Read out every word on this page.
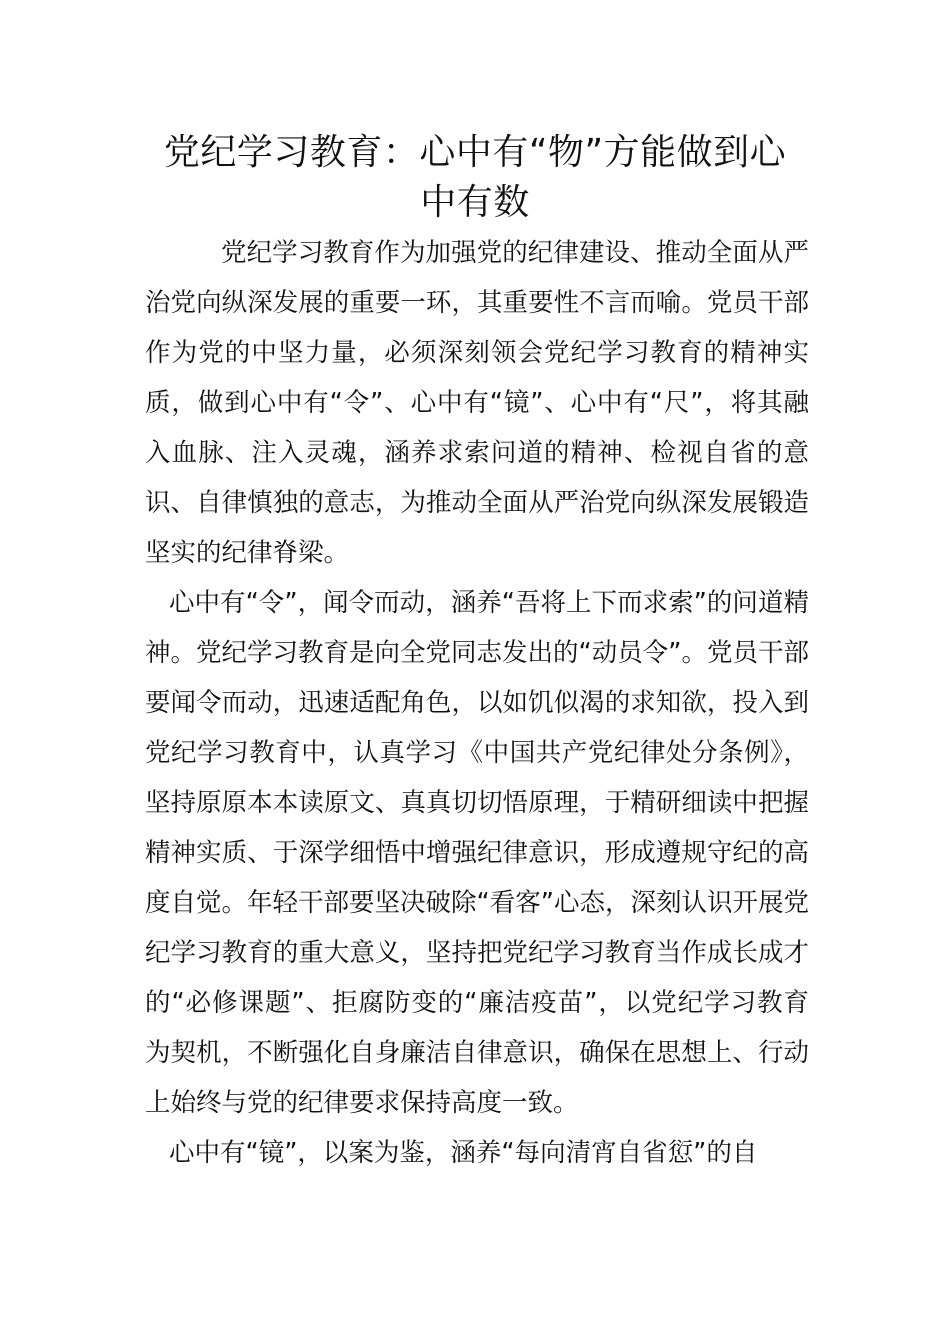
党纪学习教育：心中有“物”方能做到心中有数

党纪学习教育作为加强党的纪律建设、推动全面从严治党向纵深发展的重要一环，其重要性不言而喻。党员干部作为党的中坚力量，必须深刻领会党纪学习教育的精神实质，做到心中有“令”、心中有“镜”、心中有“尺”，将其融入血脉、注入灵魂，涵养求索问道的精神、检视自省的意识、自律慎独的意志，为推动全面从严治党向纵深发展锻造坚实的纪律脊梁。

心中有“令”，闻令而动，涵养“吾将上下而求索”的问道精神。党纪学习教育是向全党同志发出的“动员令”。党员干部要闻令而动，迅速适配角色，以如饥似渴的求知欲，投入到党纪学习教育中，认真学习《中国共产党纪律处分条例》，坚持原原本本读原文、真真切切悟原理，于精研细读中把握精神实质、于深学细悟中增强纪律意识，形成遵规守纪的高度自觉。年轻干部要坚决破除“看客”心态，深刻认识开展党纪学习教育的重大意义，坚持把党纪学习教育当作成长成才的“必修课题”、拒腐防变的“廉洁疫苗”，以党纪学习教育为契机，不断强化自身廉洁自律意识，确保在思想上、行动上始终与党的纪律要求保持高度一致。

心中有“镜”，以案为鉴，涵养“每向清宵自省愆”的自
